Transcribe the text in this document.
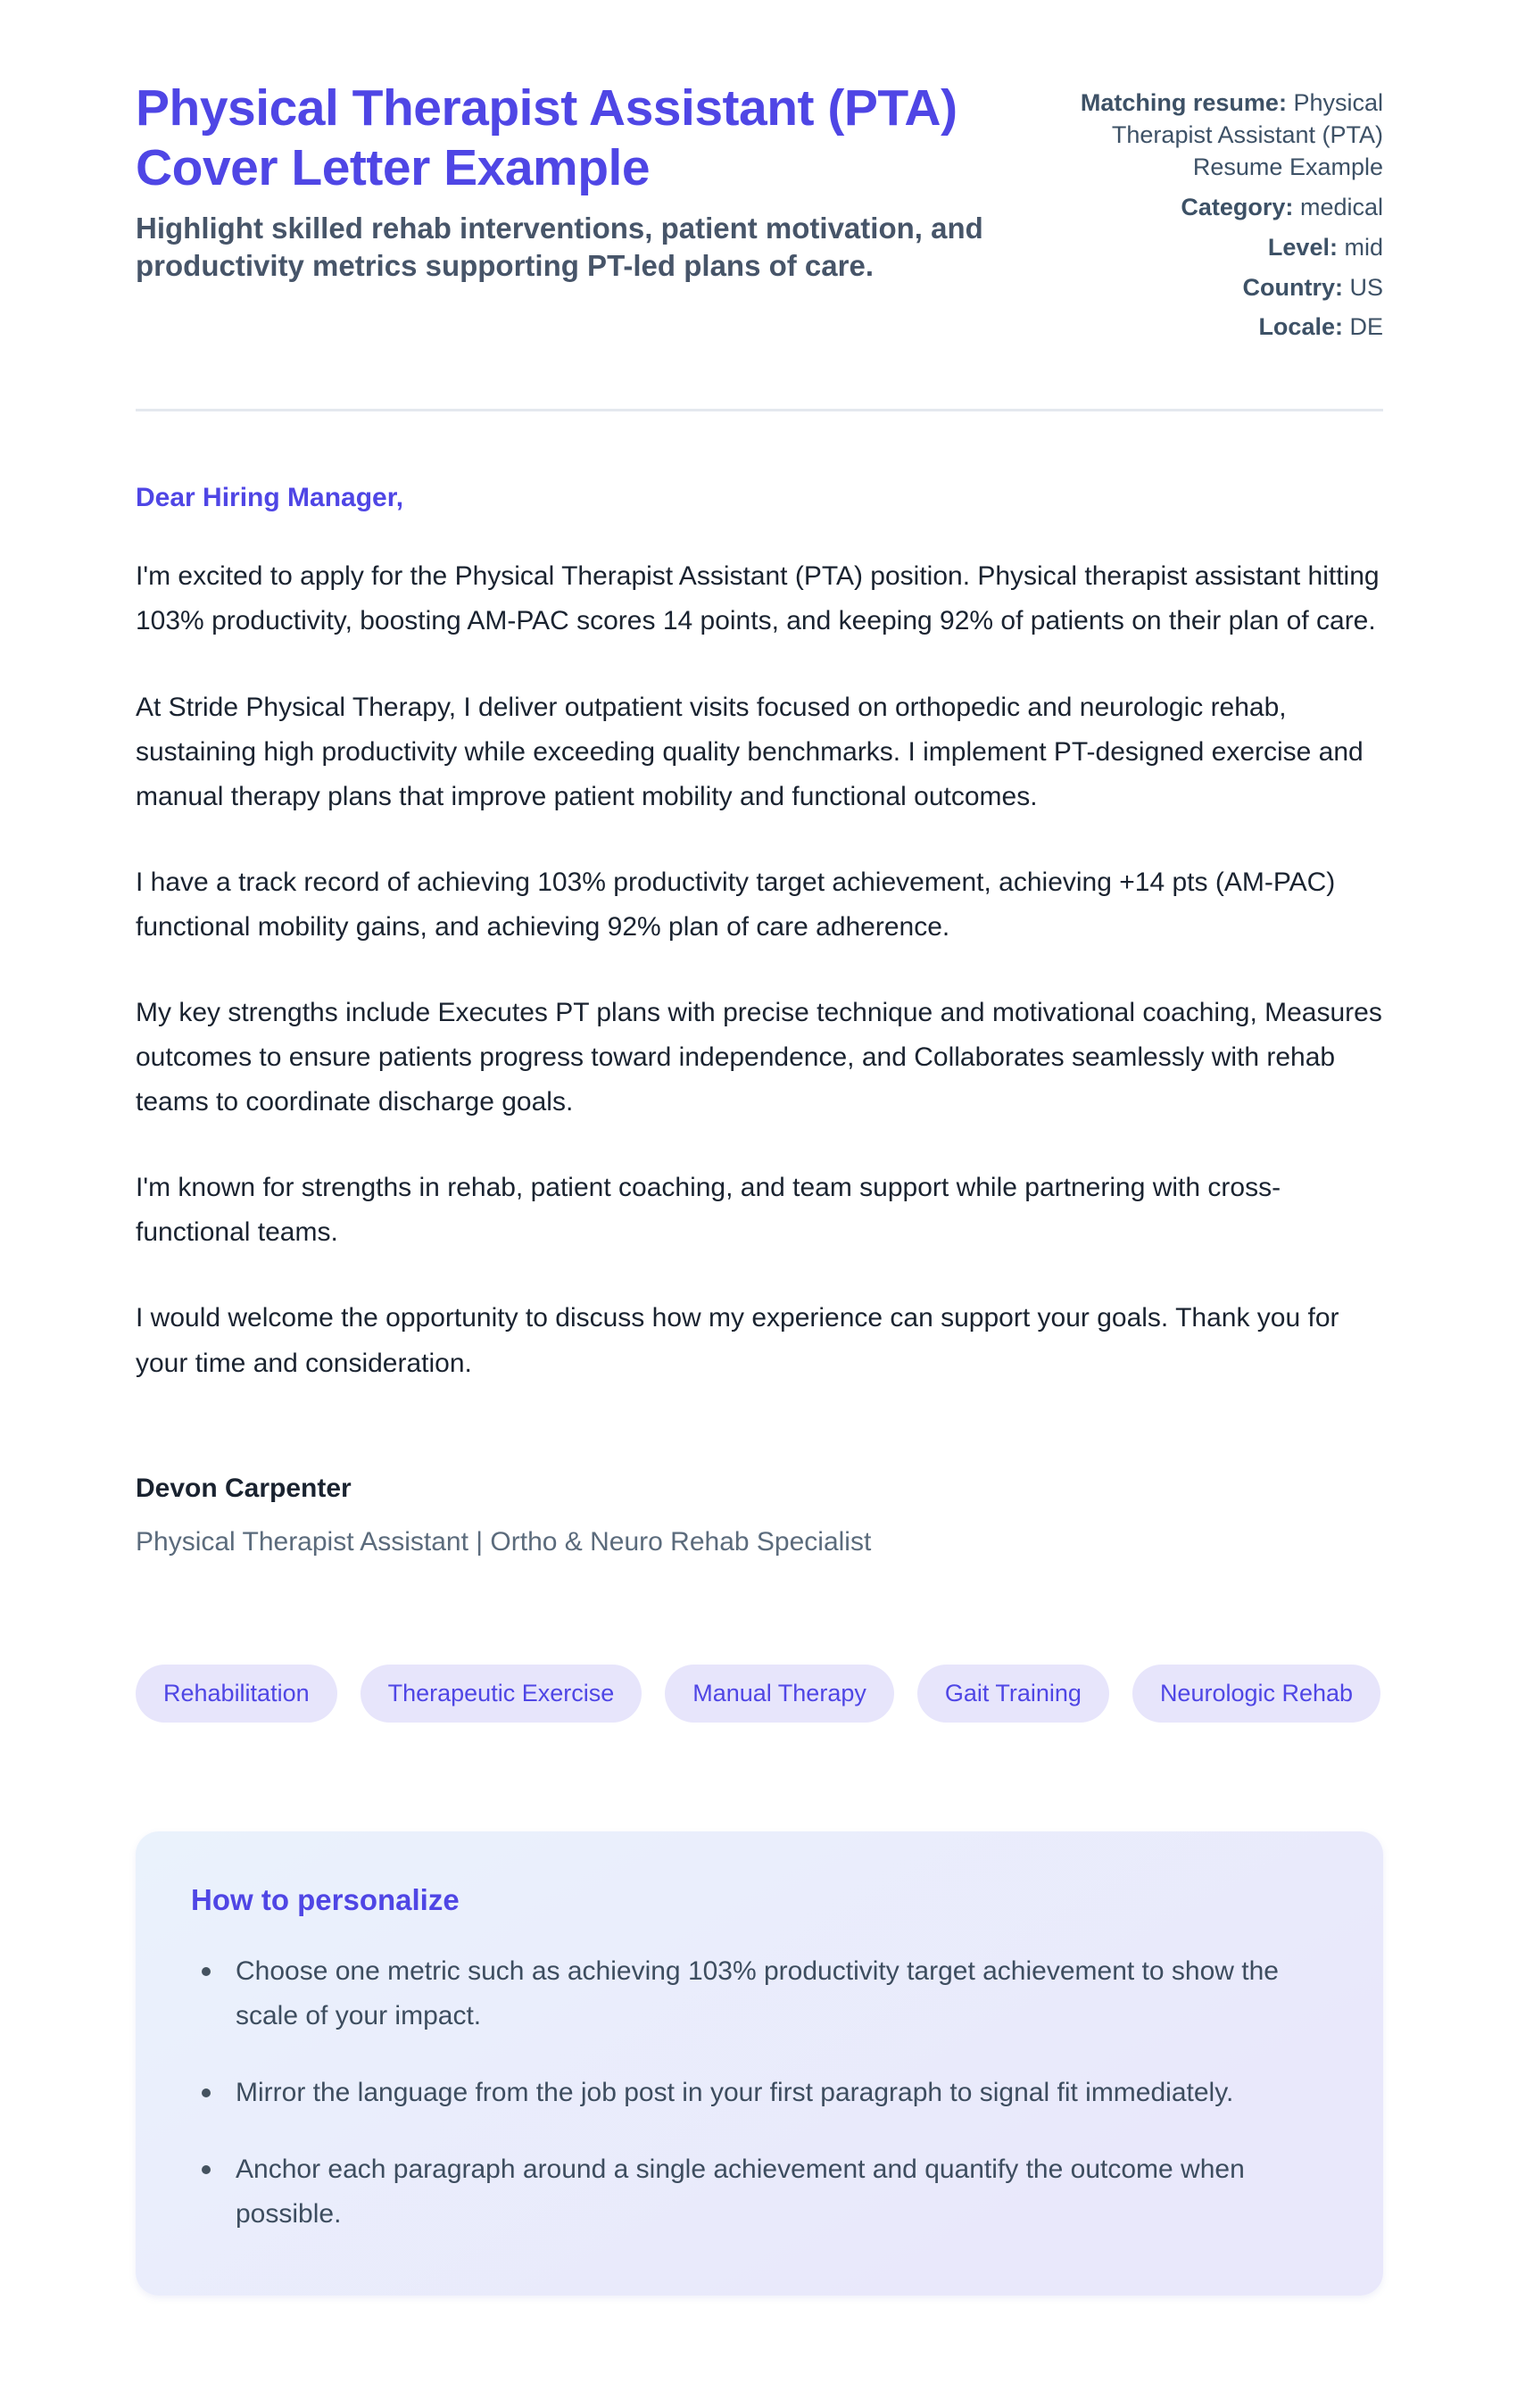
Physical Therapist Assistant (PTA) Cover Letter Example

Highlight skilled rehab interventions, patient motivation, and productivity metrics supporting PT-led plans of care.

Matching resume: Physical Therapist Assistant (PTA) Resume Example
Category: medical
Level: mid
Country: US
Locale: DE

Dear Hiring Manager,

I'm excited to apply for the Physical Therapist Assistant (PTA) position. Physical therapist assistant hitting 103% productivity, boosting AM-PAC scores 14 points, and keeping 92% of patients on their plan of care.

At Stride Physical Therapy, I deliver outpatient visits focused on orthopedic and neurologic rehab, sustaining high productivity while exceeding quality benchmarks. I implement PT-designed exercise and manual therapy plans that improve patient mobility and functional outcomes.

I have a track record of achieving 103% productivity target achievement, achieving +14 pts (AM-PAC) functional mobility gains, and achieving 92% plan of care adherence.

My key strengths include Executes PT plans with precise technique and motivational coaching, Measures outcomes to ensure patients progress toward independence, and Collaborates seamlessly with rehab teams to coordinate discharge goals.

I'm known for strengths in rehab, patient coaching, and team support while partnering with cross-functional teams.

I would welcome the opportunity to discuss how my experience can support your goals. Thank you for your time and consideration.

Devon Carpenter

Physical Therapist Assistant | Ortho & Neuro Rehab Specialist

Rehabilitation	Therapeutic Exercise	Manual Therapy	Gait Training	Neurologic Rehab
How to personalize
Choose one metric such as achieving 103% productivity target achievement to show the scale of your impact.
Mirror the language from the job post in your first paragraph to signal fit immediately.
Anchor each paragraph around a single achievement and quantify the outcome when possible.
